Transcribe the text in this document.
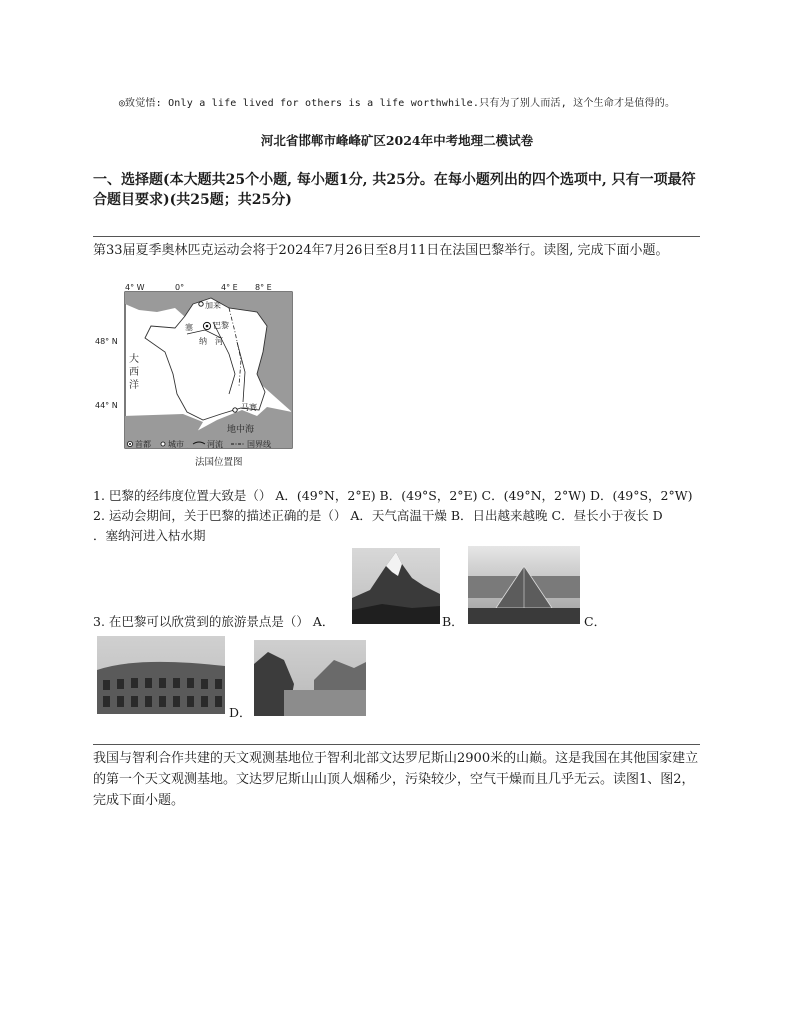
◎致觉悟: Only a life lived for others is a life worthwhile.只有为了别人而活, 这个生命才是值得的。
河北省邯郸市峰峰矿区2024年中考地理二模试卷
一、选择题(本大题共25个小题, 每小题1分, 共25分。在每小题列出的四个选项中, 只有一项最符合题目要求)(共25题；共25分)
第33届夏季奥林匹克运动会将于2024年7月26日至8月11日在法国巴黎举行。读图, 完成下面小题。
4° W	0°	4° E 8° E
48° N
44° N
大
西
洋
地中海
加来
巴黎
马赛
塞
纳 河
首都 城市	河流	国界线
法国位置图
1. 巴黎的经纬度位置大致是（） A．(49°N，2°E) B．(49°S，2°E) C．(49°N，2°W) D．(49°S，2°W)
2. 运动会期间，关于巴黎的描述正确的是（） A．天气高温干燥 B．日出越来越晚 C．昼长小于夜长 D
．塞纳河进入枯水期
3. 在巴黎可以欣赏到的旅游景点是（） A．	B．	C．
D．
我国与智利合作共建的天文观测基地位于智利北部文达罗尼斯山2900米的山巅。这是我国在其他国家建立的第一个天文观测基地。文达罗尼斯山山顶人烟稀少，污染较少，空气干燥而且几乎无云。读图1、图2，完成下面小题。
